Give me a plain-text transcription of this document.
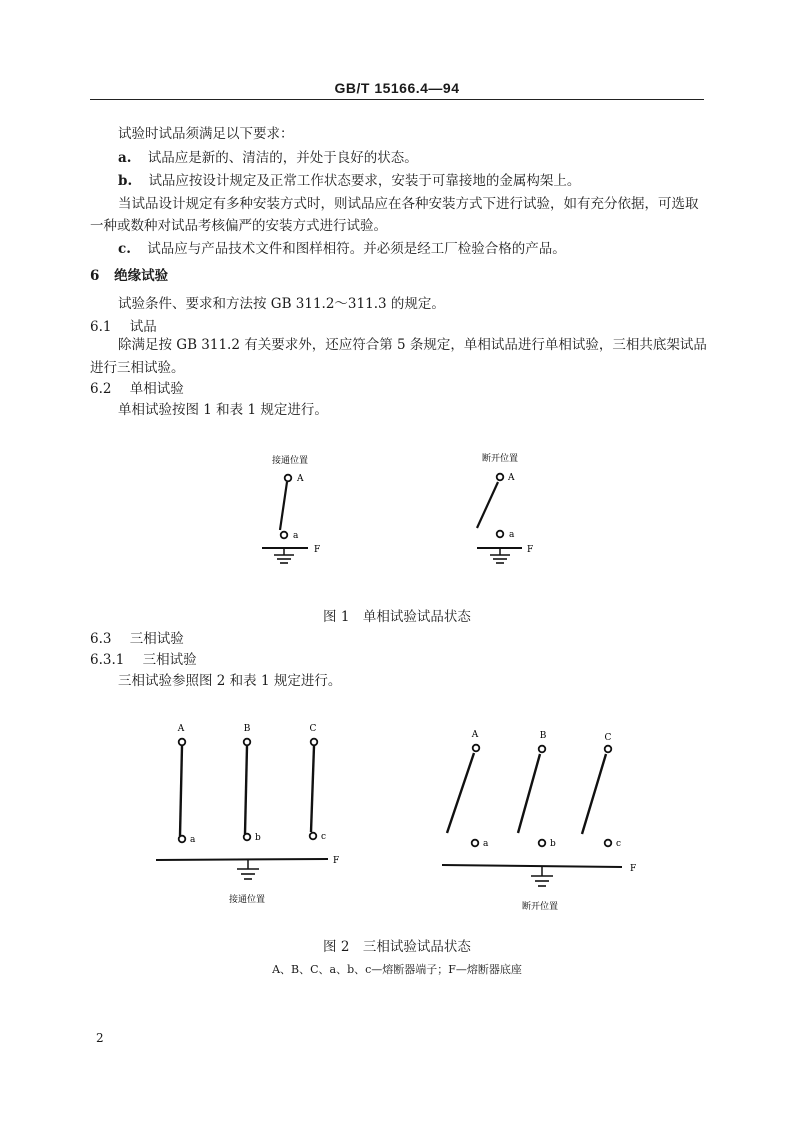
GB/T 15166.4—94
试验时试品须满足以下要求：
a. 试品应是新的、清洁的，并处于良好的状态。
b. 试品应按设计规定及正常工作状态要求，安装于可靠接地的金属构架上。
当试品设计规定有多种安装方式时，则试品应在各种安装方式下进行试验，如有充分依据，可选取
一种或数种对试品考核偏严的安装方式进行试验。
c. 试品应与产品技术文件和图样相符。并必须是经工厂检验合格的产品。
6 绝缘试验
试验条件、要求和方法按 GB 311.2～311.3 的规定。
6.1 试品
除满足按 GB 311.2 有关要求外，还应符合第 5 条规定，单相试品进行单相试验，三相共底架试品
进行三相试验。
6.2 单相试验
单相试验按图 1 和表 1 规定进行。
接通位置
A
a
F
断开位置
A
a
F
图 1　单相试验试品状态
6.3 三相试验
6.3.1 三相试验
三相试验参照图 2 和表 1 规定进行。
A	B	C
a	b	c
F
接通位置
A	B	C
a	b	c
F
断开位置
图 2　三相试验试品状态
A、B、C、a、b、c—熔断器端子；F—熔断器底座
2
